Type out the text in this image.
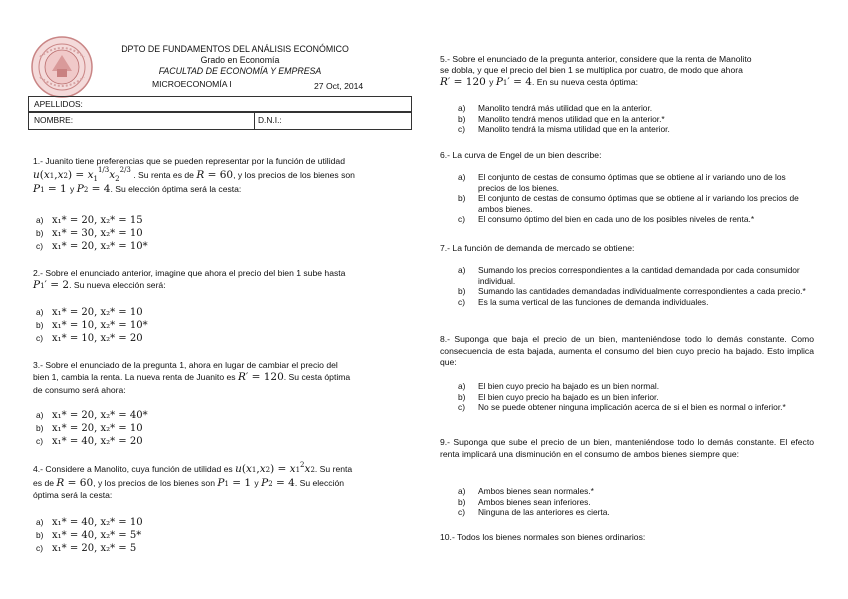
DPTO DE FUNDAMENTOS DEL ANÁLISIS ECONÓMICO
Grado en Economía
FACULTAD DE ECONOMÍA Y EMPRESA
MICROECONOMÍA I	27 Oct, 2014
APELLIDOS:
NOMBRE:	D.N.I.:
1.- Juanito tiene preferencias que se pueden representar por la función de utilidad
$u(x1,x2) = x_1^{1/3}x_2^{2/3}$ . Su renta es de R = 60, y los precios de los bienes son
P1 = 1 y P2 = 4. Su elección óptima será la cesta:
a) x₁* = 20, x₂* = 15
b) x₁* = 30, x₂* = 10
c) x₁* = 20, x₂* = 10*
2.- Sobre el enunciado anterior, imagine que ahora el precio del bien 1 sube hasta
P1′ = 2. Su nueva elección será:
a) x₁* = 20, x₂* = 10
b) x₁* = 10, x₂* = 10*
c) x₁* = 10, x₂* = 20
3.- Sobre el enunciado de la pregunta 1, ahora en lugar de cambiar el precio del
bien 1, cambia la renta. La nueva renta de Juanito es R′ = 120. Su cesta óptima
de consumo será ahora:
a) x₁* = 20, x₂* = 40*
b) x₁* = 20, x₂* = 10
c) x₁* = 40, x₂* = 20
4.- Considere a Manolito, cuya función de utilidad es $u(x1,x2) = x1^2x2$. Su renta
es de R = 60, y los precios de los bienes son P1 = 1 y P2 = 4. Su elección
óptima será la cesta:
a) x₁* = 40, x₂* = 10
b) x₁* = 40, x₂* = 5*
c) x₁* = 20, x₂* = 5
5.- Sobre el enunciado de la pregunta anterior, considere que la renta de Manolito
se dobla, y que el precio del bien 1 se multiplica por cuatro, de modo que ahora
R′ = 120 y P1′ = 4. En su nueva cesta óptima:
a) Manolito tendrá más utilidad que en la anterior.
b) Manolito tendrá menos utilidad que en la anterior.*
c) Manolito tendrá la misma utilidad que en la anterior.
6.- La curva de Engel de un bien describe:
a) El conjunto de cestas de consumo óptimas que se obtiene al ir variando uno de los precios de los bienes.
b) El conjunto de cestas de consumo óptimas que se obtiene al ir variando los precios de ambos bienes.
c) El consumo óptimo del bien en cada uno de los posibles niveles de renta.*
7.- La función de demanda de mercado se obtiene:
a) Sumando los precios correspondientes a la cantidad demandada por cada consumidor individual.
b) Sumando las cantidades demandadas individualmente correspondientes a cada precio.*
c) Es la suma vertical de las funciones de demanda individuales.
8.- Suponga que baja el precio de un bien, manteniéndose todo lo demás constante. Como consecuencia de esta bajada, aumenta el consumo del bien cuyo precio ha bajado. Esto implica que:
a) El bien cuyo precio ha bajado es un bien normal.
b) El bien cuyo precio ha bajado es un bien inferior.
c) No se puede obtener ninguna implicación acerca de si el bien es normal o inferior.*
9.- Suponga que sube el precio de un bien, manteniéndose todo lo demás constante. El efecto renta implicará una disminución en el consumo de ambos bienes siempre que:
a) Ambos bienes sean normales.*
b) Ambos bienes sean inferiores.
c) Ninguna de las anteriores es cierta.
10.- Todos los bienes normales son bienes ordinarios:
